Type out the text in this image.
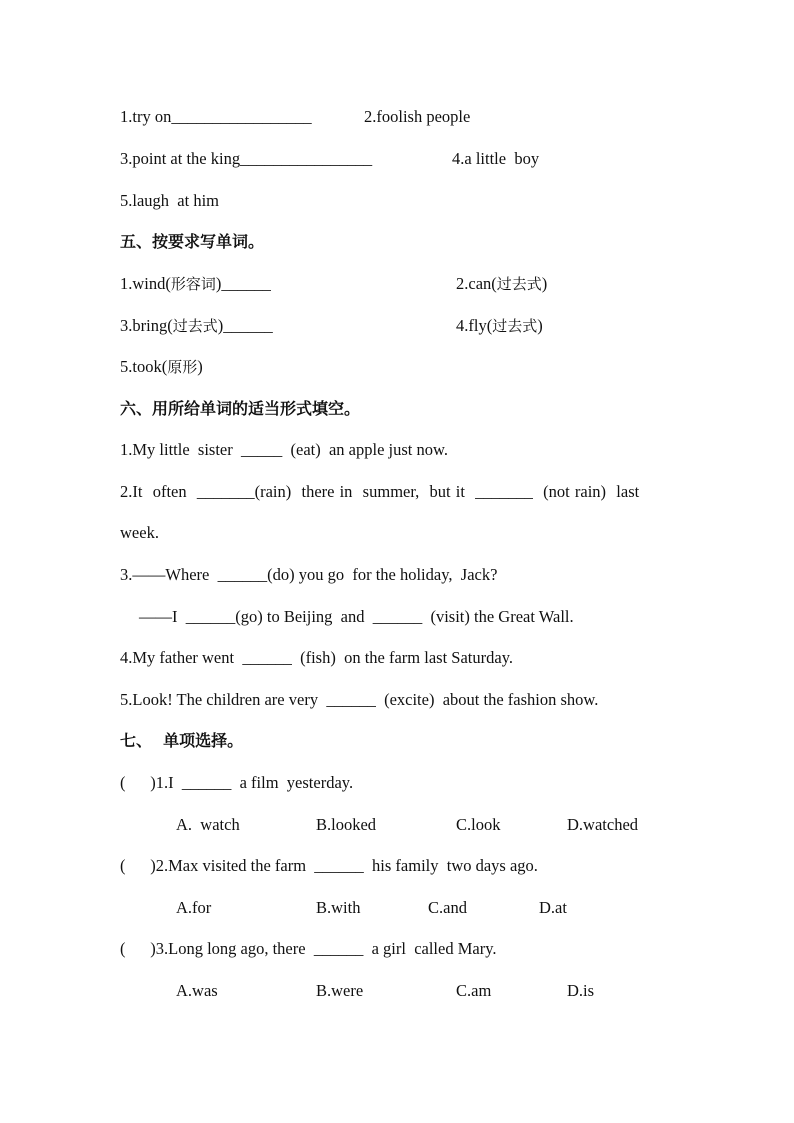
1.try on_________________	2.foolish people
3.point at the king________________	4.a little  boy
5.laugh  at him
五、按要求写单词。
1.wind(形容词)______	2.can(过去式)
3.bring(过去式)______	4.fly(过去式)
5.took(原形)
六、用所给单词的适当形式填空。
1.My little  sister  _____  (eat)  an apple just now.
2.It  often  _______(rain)  there in  summer,  but it  _______  (not rain)  last
week.
3.——Where  ______(do) you go  for the holiday,  Jack?
——I  ______(go) to Beijing  and  ______  (visit) the Great Wall.
4.My father went  ______  (fish)  on the farm last Saturday.
5.Look! The children are very  ______  (excite)  about the fashion show.
七、  单项选择。
(      )1.I  ______  a film  yesterday.
A.  watch	B.looked	C.look	D.watched
(      )2.Max visited the farm  ______  his family  two days ago.
A.for	B.with	C.and	D.at
(      )3.Long long ago, there  ______  a girl  called Mary.
A.was	B.were	C.am	D.is
